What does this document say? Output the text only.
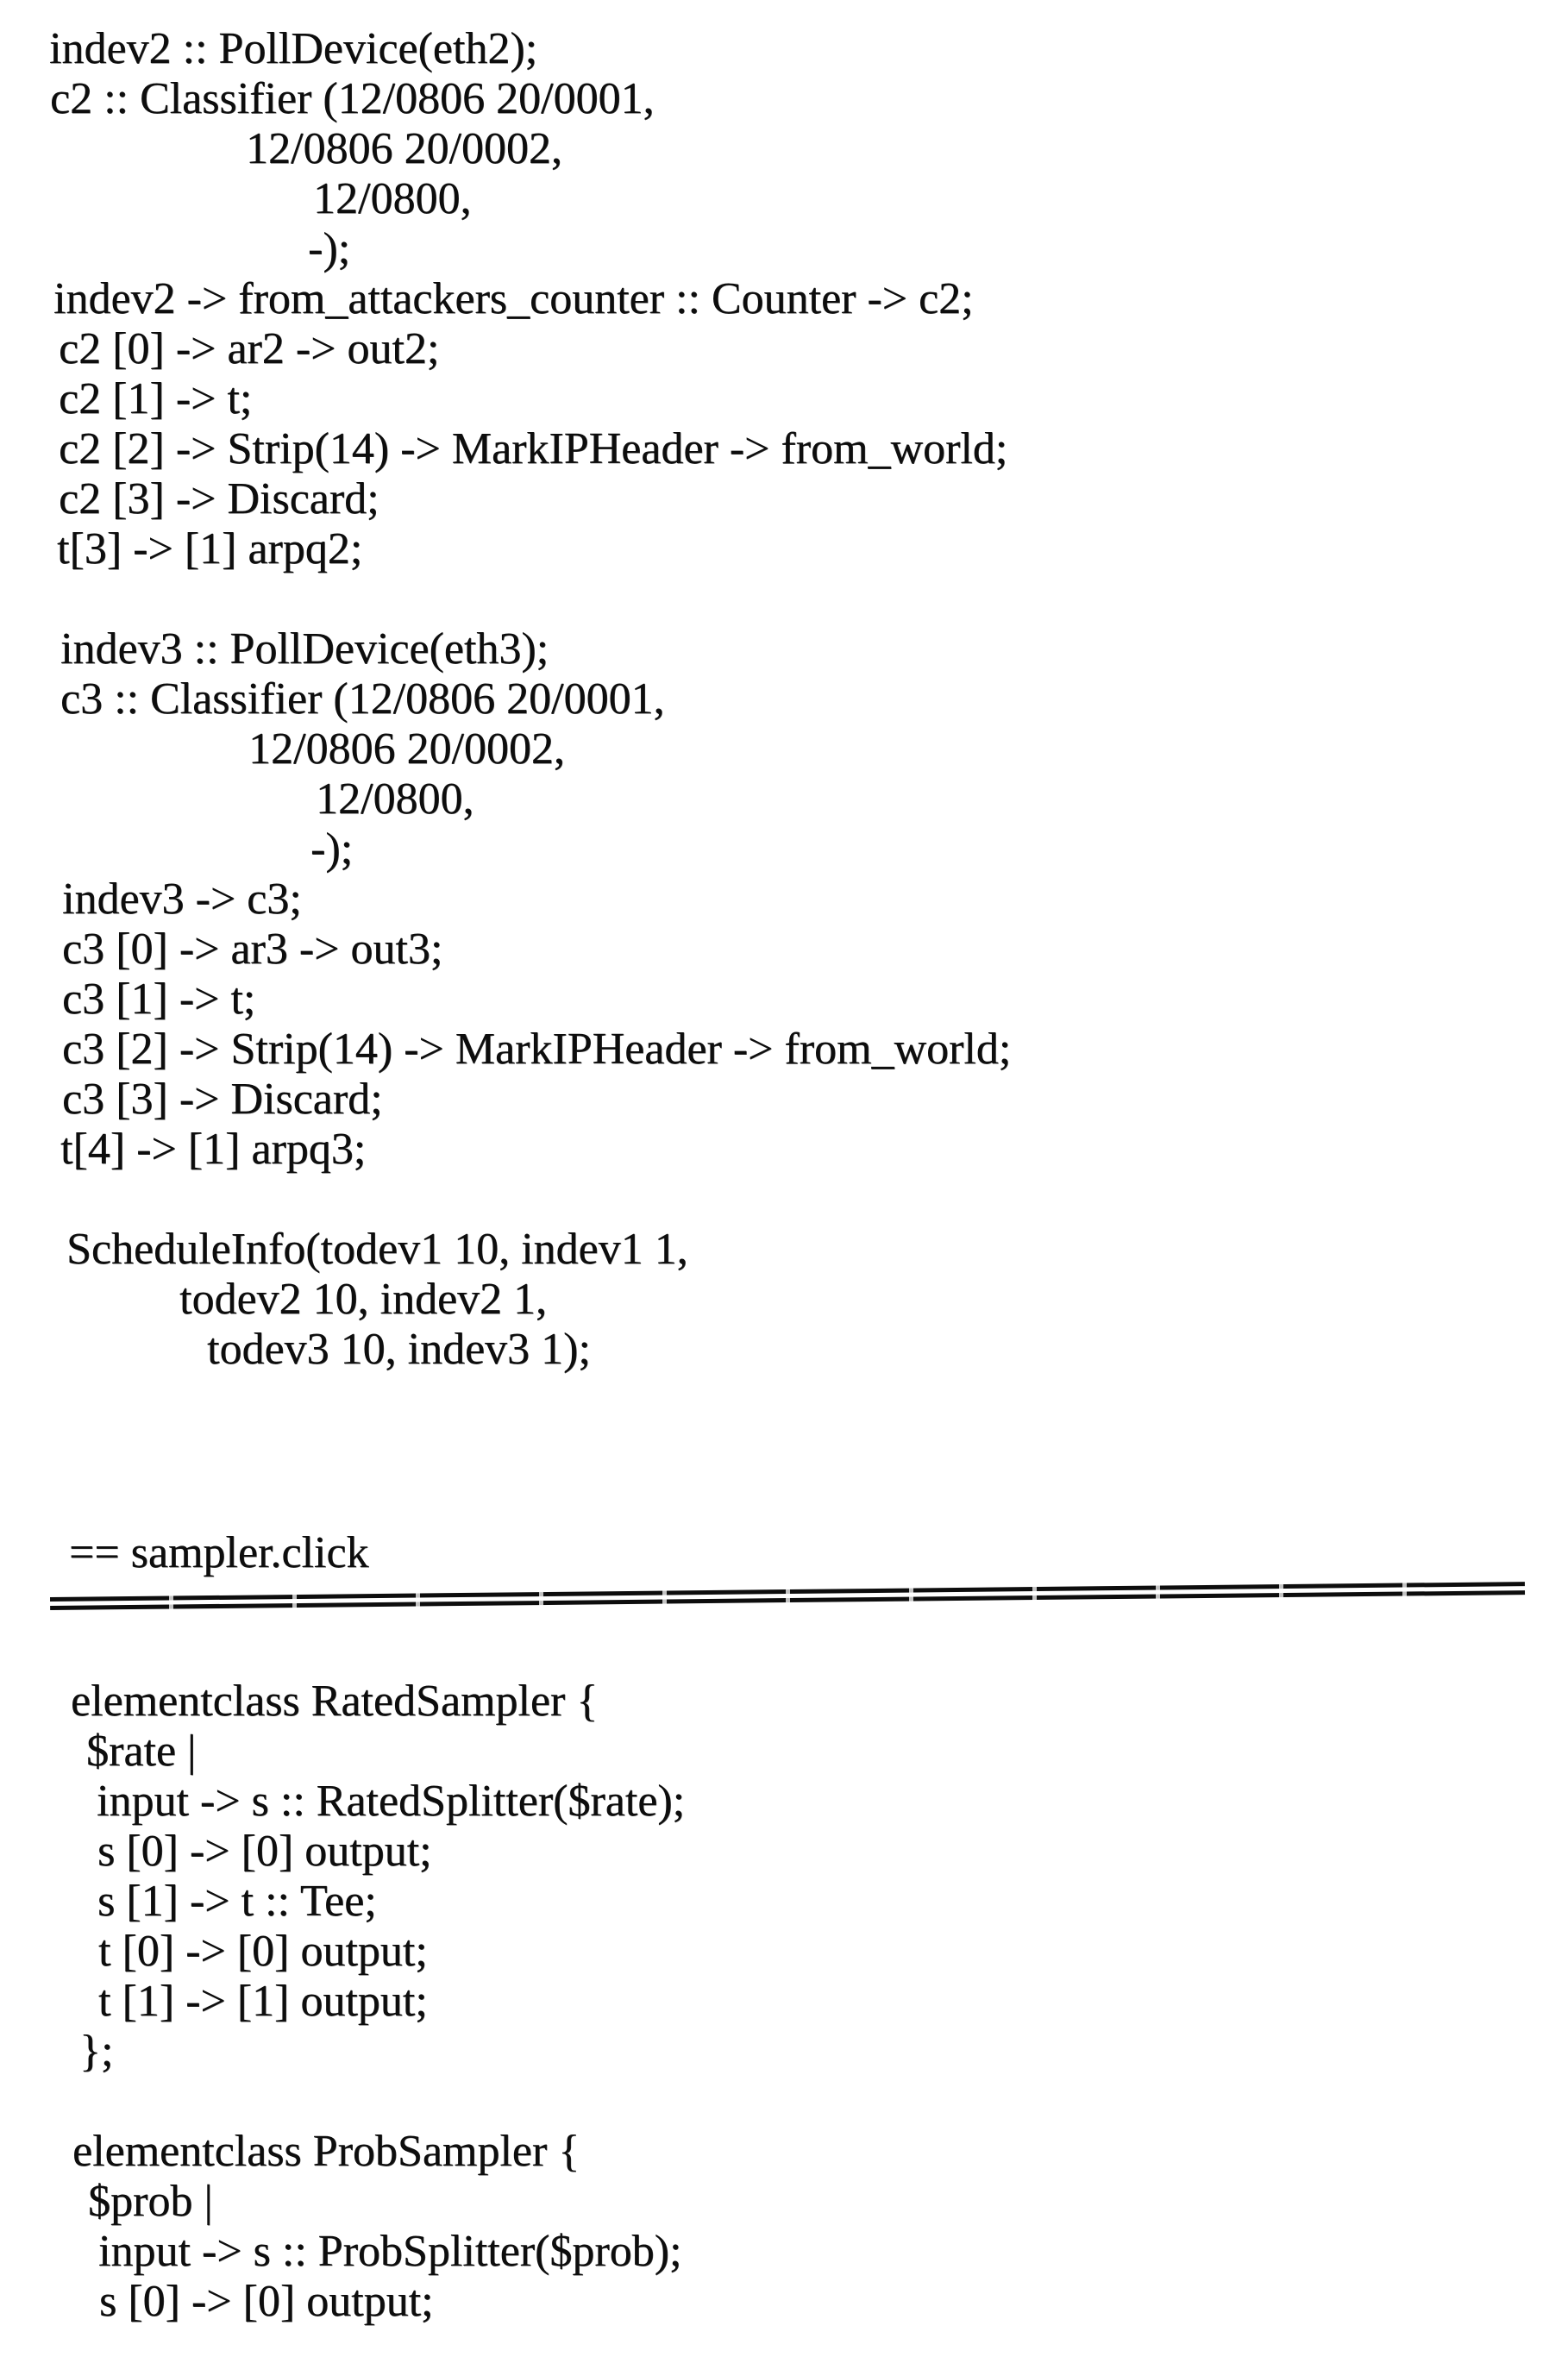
indev2 :: PollDevice(eth2);
c2 :: Classifier (12/0806 20/0001,
12/0806 20/0002,
12/0800,
-);
indev2 -> from_attackers_counter :: Counter -> c2;
c2 [0] -> ar2 -> out2;
c2 [1] -> t;
c2 [2] -> Strip(14) -> MarkIPHeader -> from_world;
c2 [3] -> Discard;
t[3] -> [1] arpq2;
indev3 :: PollDevice(eth3);
c3 :: Classifier (12/0806 20/0001,
12/0806 20/0002,
12/0800,
-);
indev3 -> c3;
c3 [0] -> ar3 -> out3;
c3 [1] -> t;
c3 [2] -> Strip(14) -> MarkIPHeader -> from_world;
c3 [3] -> Discard;
t[4] -> [1] arpq3;
ScheduleInfo(todev1 10, indev1 1,
todev2 10, indev2 1,
todev3 10, indev3 1);
== sampler.click
elementclass RatedSampler {
$rate |
input -> s :: RatedSplitter($rate);
s [0] -> [0] output;
s [1] -> t :: Tee;
t [0] -> [0] output;
t [1] -> [1] output;
};
elementclass ProbSampler {
$prob |
input -> s :: ProbSplitter($prob);
s [0] -> [0] output;
